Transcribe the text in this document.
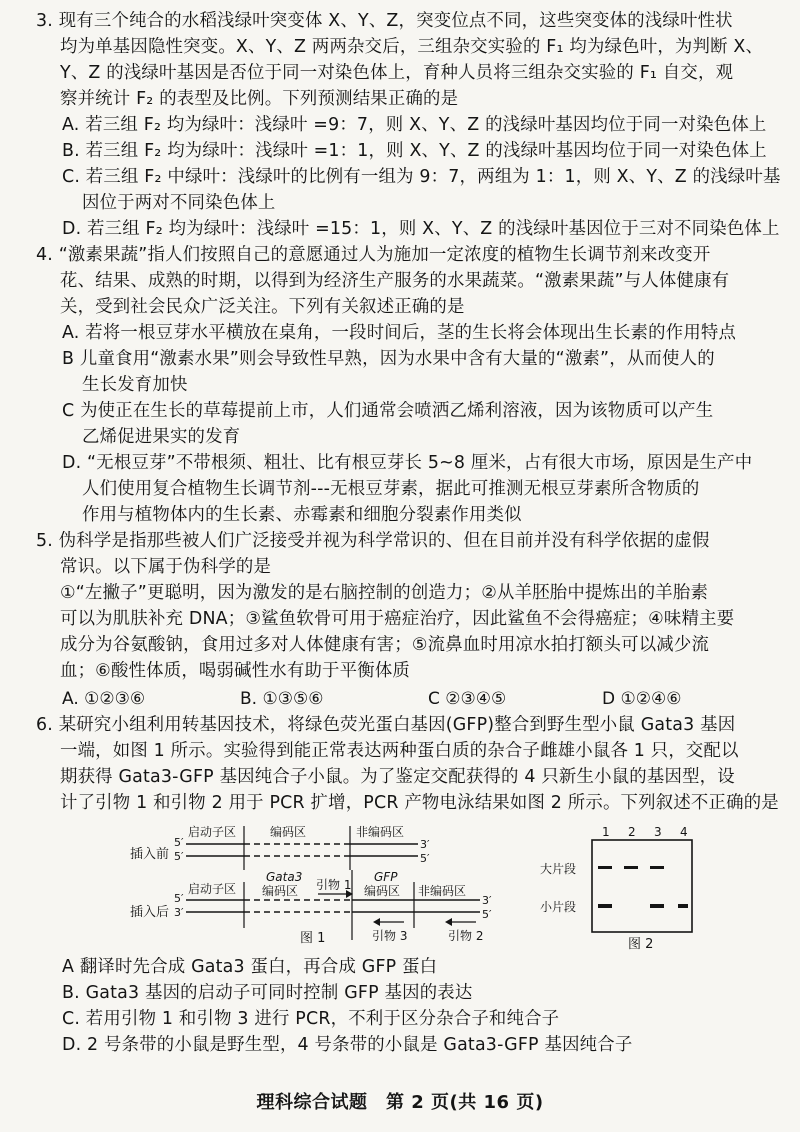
3. 现有三个纯合的水稻浅绿叶突变体 X、Y、Z，突变位点不同，这些突变体的浅绿叶性状
均为单基因隐性突变。X、Y、Z 两两杂交后，三组杂交实验的 F₁ 均为绿色叶，为判断 X、
Y、Z 的浅绿叶基因是否位于同一对染色体上，育种人员将三组杂交实验的 F₁ 自交，观
察并统计 F₂ 的表型及比例。下列预测结果正确的是
A. 若三组 F₂ 均为绿叶：浅绿叶 =9：7，则 X、Y、Z 的浅绿叶基因均位于同一对染色体上
B. 若三组 F₂ 均为绿叶：浅绿叶 =1：1，则 X、Y、Z 的浅绿叶基因均位于同一对染色体上
C. 若三组 F₂ 中绿叶：浅绿叶的比例有一组为 9：7，两组为 1：1，则 X、Y、Z 的浅绿叶基
因位于两对不同染色体上
D. 若三组 F₂ 均为绿叶：浅绿叶 =15：1，则 X、Y、Z 的浅绿叶基因位于三对不同染色体上
4. “激素果蔬”指人们按照自己的意愿通过人为施加一定浓度的植物生长调节剂来改变开
花、结果、成熟的时期，以得到为经济生产服务的水果蔬菜。“激素果蔬”与人体健康有
关，受到社会民众广泛关注。下列有关叙述正确的是
A. 若将一根豆芽水平横放在桌角，一段时间后，茎的生长将会体现出生长素的作用特点
B 儿童食用“激素水果”则会导致性早熟，因为水果中含有大量的“激素”，从而使人的
生长发育加快
C 为使正在生长的草莓提前上市，人们通常会喷洒乙烯利溶液，因为该物质可以产生
乙烯促进果实的发育
D. “无根豆芽”不带根须、粗壮、比有根豆芽长 5~8 厘米，占有很大市场，原因是生产中
人们使用复合植物生长调节剂---无根豆芽素，据此可推测无根豆芽素所含物质的
作用与植物体内的生长素、赤霉素和细胞分裂素作用类似
5. 伪科学是指那些被人们广泛接受并视为科学常识的、但在目前并没有科学依据的虚假
常识。以下属于伪科学的是
①“左撇子”更聪明，因为激发的是右脑控制的创造力；②从羊胚胎中提炼出的羊胎素
可以为肌肤补充 DNA；③鲨鱼软骨可用于癌症治疗，因此鲨鱼不会得癌症；④味精主要
成分为谷氨酸钠，食用过多对人体健康有害；⑤流鼻血时用凉水拍打额头可以减少流
血；⑥酸性体质，喝弱碱性水有助于平衡体质
A. ①②③⑥	B. ①③⑤⑥	C ②③④⑤	D ①②④⑥
6. 某研究小组利用转基因技术，将绿色荧光蛋白基因(GFP)整合到野生型小鼠 Gata3 基因
一端，如图 1 所示。实验得到能正常表达两种蛋白质的杂合子雌雄小鼠各 1 只，交配以
期获得 Gata3-GFP 基因纯合子小鼠。为了鉴定交配获得的 4 只新生小鼠的基因型，设
计了引物 1 和引物 2 用于 PCR 扩增，PCR 产物电泳结果如图 2 所示。下列叙述不正确的是
插入前
5′
5′
启动子区	编码区	非编码区
3′
5′
插入后
5′
3′
启动子区
Gata3
编码区
GFP
编码区 非编码区
3′
5′
引物 1
引物 3	引物 2
图 1
1 2 3 4
大片段
小片段
图 2
A 翻译时先合成 Gata3 蛋白，再合成 GFP 蛋白
B. Gata3 基因的启动子可同时控制 GFP 基因的表达
C. 若用引物 1 和引物 3 进行 PCR，不利于区分杂合子和纯合子
D. 2 号条带的小鼠是野生型，4 号条带的小鼠是 Gata3-GFP 基因纯合子
理科综合试题　第 2 页(共 16 页)
